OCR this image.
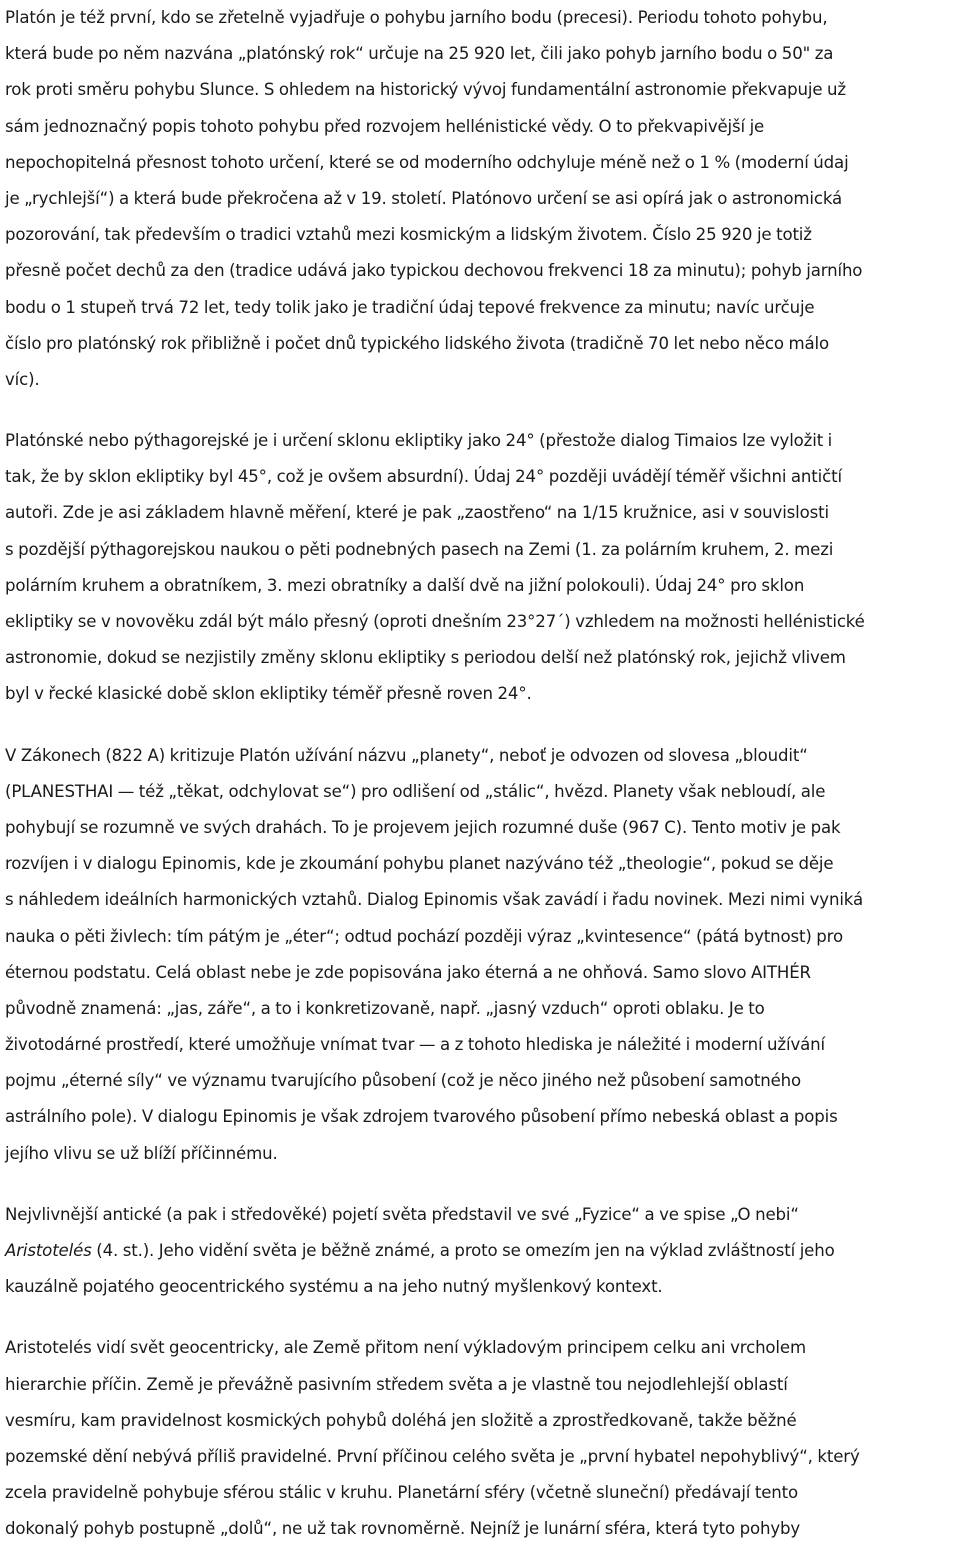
Platón je též první, kdo se zřetelně vyjadřuje o pohybu jarního bodu (precesi). Periodu tohoto pohybu,
která bude po něm nazvána „platónský rok“ určuje na 25 920 let, čili jako pohyb jarního bodu o 50" za
rok proti směru pohybu Slunce. S ohledem na historický vývoj fundamentální astronomie překvapuje už
sám jednoznačný popis tohoto pohybu před rozvojem hellénistické vědy. O to překvapivější je
nepochopitelná přesnost tohoto určení, které se od moderního odchyluje méně než o 1 % (moderní údaj
je „rychlejší“) a která bude překročena až v 19. století. Platónovo určení se asi opírá jak o astronomická
pozorování, tak především o tradici vztahů mezi kosmickým a lidským životem. Číslo 25 920 je totiž
přesně počet dechů za den (tradice udává jako typickou dechovou frekvenci 18 za minutu); pohyb jarního
bodu o 1 stupeň trvá 72 let, tedy tolik jako je tradiční údaj tepové frekvence za minutu; navíc určuje
číslo pro platónský rok přibližně i počet dnů typického lidského života (tradičně 70 let nebo něco málo
víc).

Platónské nebo pýthagorejské je i určení sklonu ekliptiky jako 24° (přestože dialog Timaios lze vyložit i
tak, že by sklon ekliptiky byl 45°, což je ovšem absurdní). Údaj 24° později uvádějí téměř všichni antičtí
autoři. Zde je asi základem hlavně měření, které je pak „zaostřeno“ na 1/15 kružnice, asi v souvislosti
s pozdější pýthagorejskou naukou o pěti podnebných pasech na Zemi (1. za polárním kruhem, 2. mezi
polárním kruhem a obratníkem, 3. mezi obratníky a další dvě na jižní polokouli). Údaj 24° pro sklon
ekliptiky se v novověku zdál být málo přesný (oproti dnešním 23°27´) vzhledem na možnosti hellénistické
astronomie, dokud se nezjistily změny sklonu ekliptiky s periodou delší než platónský rok, jejichž vlivem
byl v řecké klasické době sklon ekliptiky téměř přesně roven 24°.

V Zákonech (822 A) kritizuje Platón užívání názvu „planety“, neboť je odvozen od slovesa „bloudit“
(PLANESTHAI — též „těkat, odchylovat se“) pro odlišení od „stálic“, hvězd. Planety však nebloudí, ale
pohybují se rozumně ve svých drahách. To je projevem jejich rozumné duše (967 C). Tento motiv je pak
rozvíjen i v dialogu Epinomis, kde je zkoumání pohybu planet nazýváno též „theologie“, pokud se děje
s náhledem ideálních harmonických vztahů. Dialog Epinomis však zavádí i řadu novinek. Mezi nimi vyniká
nauka o pěti živlech: tím pátým je „éter“; odtud pochází později výraz „kvintesence“ (pátá bytnost) pro
éternou podstatu. Celá oblast nebe je zde popisována jako éterná a ne ohňová. Samo slovo AITHÉR
původně znamená: „jas, záře“, a to i konkretizovaně, např. „jasný vzduch“ oproti oblaku. Je to
životodárné prostředí, které umožňuje vnímat tvar — a z tohoto hlediska je náležité i moderní užívání
pojmu „éterné síly“ ve významu tvarujícího působení (což je něco jiného než působení samotného
astrálního pole). V dialogu Epinomis je však zdrojem tvarového působení přímo nebeská oblast a popis
jejího vlivu se už blíží příčinnému.

Nejvlivnější antické (a pak i středověké) pojetí světa představil ve své „Fyzice“ a ve spise „O nebi“
Aristotelés (4. st.). Jeho vidění světa je běžně známé, a proto se omezím jen na výklad zvláštností jeho
kauzálně pojatého geocentrického systému a na jeho nutný myšlenkový kontext.

Aristotelés vidí svět geocentricky, ale Země přitom není výkladovým principem celku ani vrcholem
hierarchie příčin. Země je převážně pasivním středem světa a je vlastně tou nejodlehlejší oblastí
vesmíru, kam pravidelnost kosmických pohybů doléhá jen složitě a zprostředkovaně, takže běžné
pozemské dění nebývá příliš pravidelné. První příčinou celého světa je „první hybatel nepohyblivý“, který
zcela pravidelně pohybuje sférou stálic v kruhu. Planetární sféry (včetně sluneční) předávají tento
dokonalý pohyb postupně „dolů“, ne už tak rovnoměrně. Nejníž je lunární sféra, která tyto pohyby
